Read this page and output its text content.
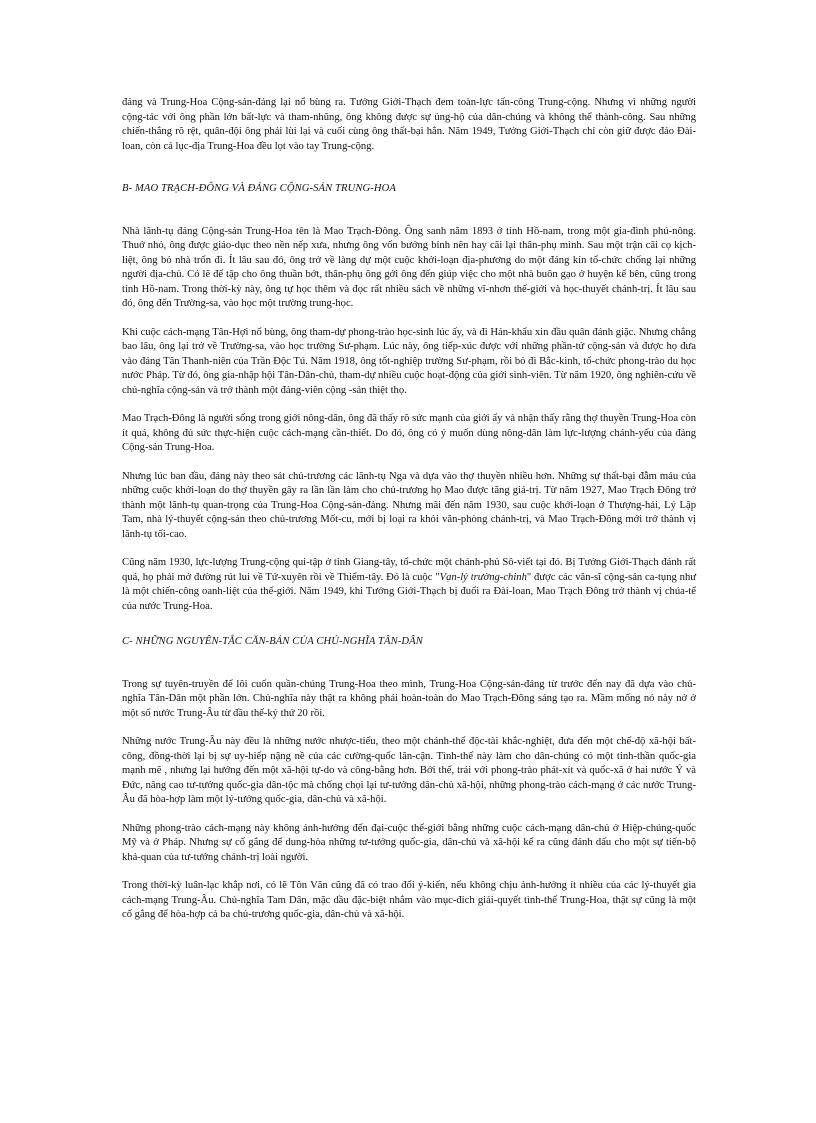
đảng và Trung-Hoa Cộng-sản-đảng lại nổ bùng ra. Tưởng Giới-Thạch đem toàn-lực tấn-công Trung-cộng. Nhưng vì những người cộng-tác với ông phần lớn bất-lực và tham-nhũng, ông không được sự ủng-hộ của dân-chúng và không thể thành-công. Sau những chiến-thắng rõ rệt, quân-đội ông phải lùi lại và cuối cùng ông thất-bại hẳn. Năm 1949, Tưởng Giới-Thạch chỉ còn giữ được đảo Đài-loan, còn cả lục-địa Trung-Hoa đều lọt vào tay Trung-cộng.

B- MAO TRẠCH-ĐÔNG VÀ ĐẢNG CỘNG-SẢN TRUNG-HOA

Nhà lãnh-tụ đảng Cộng-sản Trung-Hoa tên là Mao Trạch-Đông. Ông sanh năm 1893 ở tỉnh Hồ-nam, trong một gia-đình phú-nông. Thuở nhỏ, ông được giáo-dục theo nền nếp xưa, nhưng ông vốn bướng bỉnh nên hay cãi lại thân-phụ mình. Sau một trận cãi cọ kịch-liệt, ông bỏ nhà trốn đi. Ít lâu sau đó, ông trở về làng dự một cuộc khởi-loạn địa-phương do một đảng kín tổ-chức chống lại những người địa-chủ. Có lẽ để tập cho ông thuần bớt, thân-phụ ông gởi ông đến giúp việc cho một nhà buôn gạo ở huyện kế bên, cũng trong tỉnh Hồ-nam. Trong thời-kỳ này, ông tự học thêm và đọc rất nhiều sách về những vĩ-nhơn thế-giới và học-thuyết chánh-trị. Ít lâu sau đó, ông đến Trường-sa, vào học một trường trung-học.

Khi cuộc cách-mạng Tân-Hợi nổ bùng, ông tham-dự phong-trào học-sinh lúc ấy, và đi Hán-khẩu xin đầu quân đánh giặc. Nhưng chẳng bao lâu, ông lại trở về Trường-sa, vào học trường Sư-phạm. Lúc này, ông tiếp-xúc được với những phần-tử cộng-sản và được họ đưa vào đảng Tân Thanh-niên của Trần Độc Tú. Năm 1918, ông tốt-nghiệp trường Sư-phạm, rồi bỏ đi Bắc-kinh, tổ-chức phong-trào du học nước Pháp. Từ đó, ông gia-nhập hội Tân-Dân-chủ, tham-dự nhiều cuộc hoạt-động của giới sinh-viên. Từ năm 1920, ông nghiên-cứu về chủ-nghĩa cộng-sản và trở thành một đảng-viên cộng -sản thiệt thọ.

Mao Trạch-Đông là người sống trong giới nông-dân, ông đã thấy rõ sức mạnh của giới ấy và nhận thấy rằng thợ thuyền Trung-Hoa còn ít quá, không đủ sức thực-hiện cuộc cách-mạng cần-thiết. Do đó, ông có ý muốn dùng nông-dân làm lực-lượng chánh-yếu của đảng Cộng-sản Trung-Hoa.

Nhưng lúc ban đầu, đảng này theo sát chủ-trương các lãnh-tụ Nga và dựa vào thợ thuyền nhiều hơn. Những sự thất-bại đẫm máu của những cuộc khởi-loạn do thợ thuyền gây ra lần lần làm cho chủ-trương họ Mao được tăng giá-trị. Từ năm 1927, Mao Trạch Đông trở thành một lãnh-tụ quan-trọng của Trung-Hoa Cộng-sản-đảng. Nhưng mãi đến năm 1930, sau cuộc khởi-loạn ở Thượng-hải, Lý Lập Tam, nhà lý-thuyết cộng-sản theo chủ-trương Mốt-cu, mới bị loại ra khỏi văn-phòng chánh-trị, và Mao Trạch-Đông mới trở thành vị lãnh-tụ tối-cao.

Cũng năm 1930, lực-lượng Trung-cộng qui-tập ở tỉnh Giang-tây, tổ-chức một chánh-phủ Sô-viết tại đó. Bị Tưởng Giới-Thạch đánh rất quá, họ phải mở đường rút lui về Tứ-xuyên rồi về Thiểm-tây. Đó là cuộc "Vạn-lý trường-chinh" được các văn-sĩ cộng-sản ca-tụng như là một chiến-công oanh-liệt của thế-giới. Năm 1949, khi Tưởng Giới-Thạch bị đuổi ra Đài-loan, Mao Trạch Đông trở thành vị chúa-tể của nước Trung-Hoa.

C- NHỮNG NGUYÊN-TẮC CĂN-BẢN CỦA CHỦ-NGHĨA TÂN-DÂN

Trong sự tuyên-truyền để lôi cuốn quần-chúng Trung-Hoa theo mình, Trung-Hoa Cộng-sản-đảng từ trước đến nay đã dựa vào chủ-nghĩa Tân-Dân một phần lớn. Chủ-nghĩa này thật ra không phải hoàn-toàn do Mao Trạch-Đông sáng tạo ra. Mầm mống nó này nở ở một số nước Trung-Âu từ đầu thế-kỷ thứ 20 rồi.

Những nước Trung-Âu này đều là những nước nhược-tiểu, theo một chánh-thể độc-tài khắc-nghiệt, đưa đến một chế-độ xã-hội bất-công, đồng-thời lại bị sự uy-hiếp nặng nề của các cường-quốc lân-cận. Tình-thế này làm cho dân-chúng có một tinh-thần quốc-gia mạnh mẽ , nhưng lại hướng đến một xã-hội tự-do và công-bằng hơn. Bởi thế, trái với phong-trào phát-xít và quốc-xã ở hai nước Ý và Đức, nâng cao tư-tưởng quốc-gia dân-tộc mà chống chọi lại tư-tưởng dân-chủ xã-hội, những phong-trào cách-mạng ở các nước Trung-Âu đã hòa-hợp làm một lý-tưởng quốc-gia, dân-chủ và xã-hội.

Những phong-trào cách-mạng này không ảnh-hưởng đến đại-cuộc thế-giới bằng những cuộc cách-mạng dân-chủ ở Hiệp-chúng-quốc Mỹ và ở Pháp. Nhưng sự cố gắng để dung-hòa những tư-tưởng quốc-gia, dân-chủ và xã-hội kể ra cũng đánh dấu cho một sự tiến-bộ khả-quan của tư-tưởng chánh-trị loài người.

Trong thời-kỳ luân-lạc khắp nơi, có lẽ Tôn Văn cũng đã có trao đổi ý-kiến, nếu không chịu ảnh-hưởng ít nhiều của các lý-thuyết gia cách-mạng Trung-Âu. Chủ-nghĩa Tam Dân, mặc dầu đặc-biệt nhắm vào mục-đích giải-quyết tình-thế Trung-Hoa, thật sự cũng là một cố gắng để hòa-hợp cả ba chủ-trương quốc-gia, dân-chủ và xã-hội.
